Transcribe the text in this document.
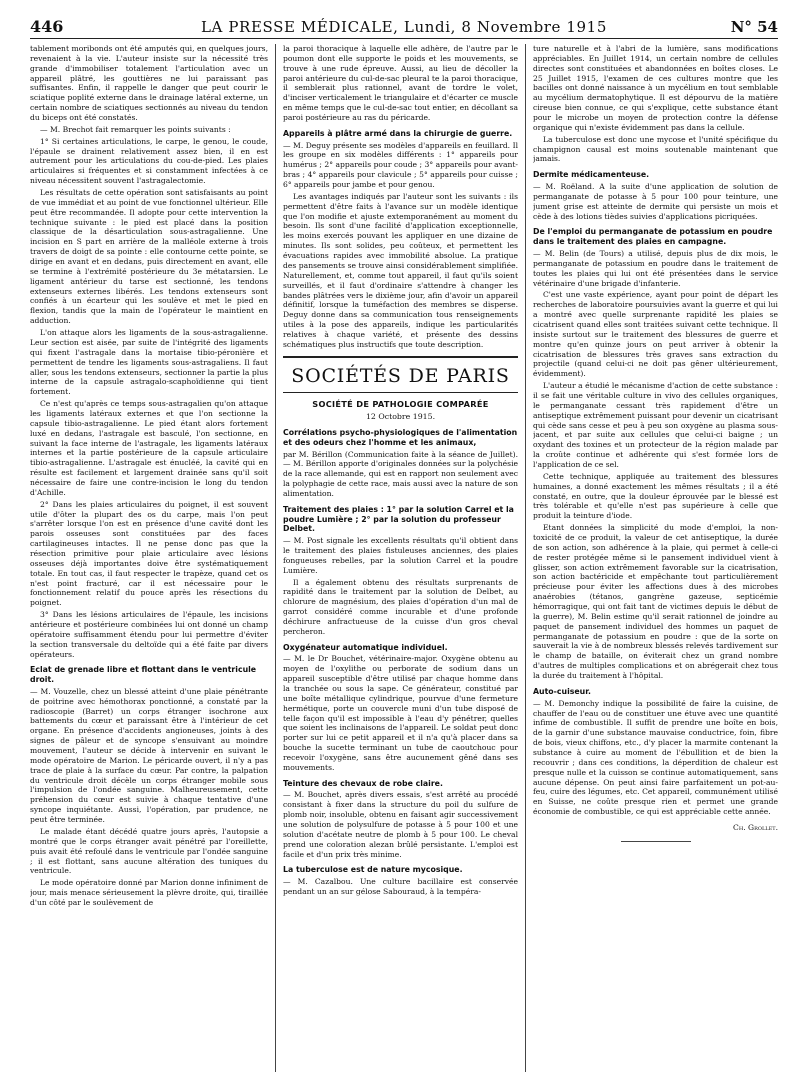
446	LA PRESSE MÉDICALE, Lundi, 8 Novembre 1915	N° 54

tablement moribonds ont été amputés qui, en quelques jours, revenaient à la vie. L'auteur insiste sur la nécessité très grande d'immobiliser totalement l'articulation avec un appareil plâtré, les gouttières ne lui paraissant pas suffisantes. Enfin, il rappelle le danger que peut courir le sciatique poplité externe dans le drainage latéral externe, un certain nombre de sciatiques sectionnés au niveau du tendon du biceps ont été constatés.

— M. Brechot fait remarquer les points suivants :

1° Si certaines articulations, le carpe, le genou, le coude, l'épaule se drainent relativement assez bien, il en est autrement pour les articulations du cou-de-pied. Les plaies articulaires si fréquentes et si constamment infectées à ce niveau nécessitent souvent l'astragalectomie.

Les résultats de cette opération sont satisfaisants au point de vue immédiat et au point de vue fonctionnel ultérieur. Elle peut être recommandée. Il adopte pour cette intervention la technique suivante : le pied est placé dans la position classique de la désarticulation sous-astragalienne. Une incision en S part en arrière de la malléole externe à trois travers de doigt de sa pointe : elle contourne cette pointe, se dirige en avant et en dedans, puis directement en avant, elle se termine à l'extrémité postérieure du 3e métatarsien. Le ligament antérieur du tarse est sectionné, les tendons extenseurs externes libérés. Les tendons extenseurs sont confiés à un écarteur qui les soulève et met le pied en flexion, tandis que la main de l'opérateur le maintient en adduction.

L'on attaque alors les ligaments de la sous-astragalienne. Leur section est aisée, par suite de l'intégrité des ligaments qui fixent l'astragale dans la mortaise tibio-péronière et permettent de tendre les ligaments sous-astragaliens. Il faut aller, sous les tendons extenseurs, sectionner la partie la plus interne de la capsule astragalo-scaphoïdienne qui tient fortement.

Ce n'est qu'après ce temps sous-astragalien qu'on attaque les ligaments latéraux externes et que l'on sectionne la capsule tibio-astragalienne. Le pied étant alors fortement luxé en dedans, l'astragale est basculé, l'on sectionne, en suivant la face interne de l'astragale, les ligaments latéraux internes et la partie postérieure de la capsule articulaire tibio-astragalienne. L'astragale est énucléé, la cavité qui en résulte est facilement et largement drainée sans qu'il soit nécessaire de faire une contre-incision le long du tendon d'Achille.

2° Dans les plaies articulaires du poignet, il est souvent utile d'ôter la plupart des os du carpe, mais l'on peut s'arrêter lorsque l'on est en présence d'une cavité dont les parois osseuses sont constituées par des faces cartilagineuses intactes. Il ne pense donc pas que la résection primitive pour plaie articulaire avec lésions osseuses déjà importantes doive être systématiquement totale. En tout cas, il faut respecter le trapèze, quand cet os n'est point fracturé, car il est nécessaire pour le fonctionnement relatif du pouce après les résections du poignet.

3° Dans les lésions articulaires de l'épaule, les incisions antérieure et postérieure combinées lui ont donné un champ opératoire suffisamment étendu pour lui permettre d'éviter la section transversale du deltoïde qui a été faite par divers opérateurs.

Eclat de grenade libre et flottant dans le ventricule droit.

— M. Vouzelle, chez un blessé atteint d'une plaie pénétrante de poitrine avec hémothorax ponctionné, a constaté par la radioscopie (Barret) un corps étranger isochrone aux battements du cœur et paraissant être à l'intérieur de cet organe. En présence d'accidents angioneuses, joints à des signes de pâleur et de syncope s'ensuivant au moindre mouvement, l'auteur se décide à intervenir en suivant le mode opératoire de Marion. Le péricarde ouvert, il n'y a pas trace de plaie à la surface du cœur. Par contre, la palpation du ventricule droit décèle un corps étranger mobile sous l'impulsion de l'ondée sanguine. Malheureusement, cette préhension du cœur est suivie à chaque tentative d'une syncope inquiétante. Aussi, l'opération, par prudence, ne peut être terminée.

Le malade étant décédé quatre jours après, l'autopsie a montré que le corps étranger avait pénétré par l'oreillette, puis avait été refoulé dans le ventricule par l'ondée sanguine ; il est flottant, sans aucune altération des tuniques du ventricule.

Le mode opératoire donné par Marion donne infiniment de jour, mais menace sérieusement la plèvre droite, qui, tiraillée d'un côté par le soulèvement de

la paroi thoracique à laquelle elle adhère, de l'autre par le poumon dont elle supporte le poids et les mouvements, se trouve à une rude épreuve. Aussi, au lieu de décoller la paroi antérieure du cul-de-sac pleural te la paroi thoracique, il semblerait plus rationnel, avant de tordre le volet, d'inciser verticalement le triangulaire et d'écarter ce muscle en même temps que le cul-de-sac tout entier, en décollant sa paroi postérieure au ras du péricarde.

Appareils à plâtre armé dans la chirurgie de guerre.

— M. Deguy présente ses modèles d'appareils en feuillard. Il les groupe en six modèles différents : 1° appareils pour humérus ; 2° appareils pour coude ; 3° appareils pour avant-bras ; 4° appareils pour clavicule ; 5° appareils pour cuisse ; 6° appareils pour jambe et pour genou.

Les avantages indiqués par l'auteur sont les suivants : ils permettent d'être faits à l'avance sur un modèle identique que l'on modifie et ajuste extemporanément au moment du besoin. Ils sont d'une facilité d'application exceptionnelle, les moins exercés pouvant les appliquer en une dizaine de minutes. Ils sont solides, peu coûteux, et permettent les évacuations rapides avec immobilité absolue. La pratique des pansements se trouve ainsi considérablement simplifiée. Naturellement, et, comme tout appareil, il faut qu'ils soient surveillés, et il faut d'ordinaire s'attendre à changer les bandes plâtrées vers le dixième jour, afin d'avoir un appareil définitif, lorsque la tuméfaction des membres se disperse. Deguy donne dans sa communication tous renseignements utiles à la pose des appareils, indique les particularités relatives à chaque variété, et présente des dessins schématiques plus instructifs que toute description.

SOCIÉTÉS DE PARIS
SOCIÉTÉ DE PATHOLOGIE COMPARÉE
12 Octobre 1915.
Corrélations psycho-physiologiques de l'alimentation et des odeurs chez l'homme et les animaux,

par M. Bérillon (Communication faite à la séance de Juillet). — M. Bérillon apporte d'originales données sur la polychésie de la race allemande, qui est en rapport non seulement avec la polyphagie de cette race, mais aussi avec la nature de son alimentation.

Traitement des plaies : 1° par la solution Carrel et la poudre Lumière ; 2° par la solution du professeur Delbet.

— M. Post signale les excellents résultats qu'il obtient dans le traitement des plaies fistuleuses anciennes, des plaies fongueuses rebelles, par la solution Carrel et la poudre Lumière.

Il a également obtenu des résultats surprenants de rapidité dans le traitement par la solution de Delbet, au chlorure de magnésium, des plaies d'opération d'un mal de garrot considéré comme incurable et d'une profonde déchirure anfractueuse de la cuisse d'un gros cheval percheron.

Oxygénateur automatique individuel.

— M. le Dr Bouchet, vétérinaire-major. Oxygène obtenu au moyen de l'oxylithe ou perborate de sodium dans un appareil susceptible d'être utilisé par chaque homme dans la tranchée ou sous la sape. Ce générateur, constitué par une boîte métallique cylindrique, pourvue d'une fermeture hermétique, porte un couvercle muni d'un tube disposé de telle façon qu'il est impossible à l'eau d'y pénétrer, quelles que soient les inclinaisons de l'appareil. Le soldat peut donc porter sur lui ce petit appareil et il n'a qu'à placer dans sa bouche la sucette terminant un tube de caoutchouc pour recevoir l'oxygène, sans être aucunement gêné dans ses mouvements.

Teinture des chevaux de robe claire.

— M. Bouchet, après divers essais, s'est arrêté au procédé consistant à fixer dans la structure du poil du sulfure de plomb noir, insoluble, obtenu en faisant agir successivement une solution de polysulfure de potasse à 5 pour 100 et une solution d'acétate neutre de plomb à 5 pour 100. Le cheval prend une coloration alezan brûlé persistante. L'emploi est facile et d'un prix très minime.

La tuberculose est de nature mycosique.

— M. Cazalbou. Une culture bacillaire est conservée pendant un an sur gélose Sabouraud, à la tempéra-

ture naturelle et à l'abri de la lumière, sans modifications appréciables. En Juillet 1914, un certain nombre de cellules directes sont constituées et abandonnées en boîtes closes. Le 25 Juillet 1915, l'examen de ces cultures montre que les bacilles ont donné naissance à un mycélium en tout semblable au mycélium dermatophytique. Il est dépourvu de la matière cireuse bien connue, ce qui s'explique, cette substance étant pour le microbe un moyen de protection contre la défense organique qui n'existe évidemment pas dans la cellule.

La tuberculose est donc une mycose et l'unité spécifique du champignon causal est moins soutenable maintenant que jamais.

Dermite médicamenteuse.

— M. Roëland. A la suite d'une application de solution de permanganate de potasse à 5 pour 100 pour teinture, une jument grise est atteinte de dermite qui persiste un mois et cède à des lotions tièdes suivies d'applications picriquées.

De l'emploi du permanganate de potassium en poudre dans le traitement des plaies en campagne.

— M. Belin (de Tours) a utilisé, depuis plus de dix mois, le permanganate de potassium en poudre dans le traitement de toutes les plaies qui lui ont été présentées dans le service vétérinaire d'une brigade d'infanterie.

C'est une vaste expérience, ayant pour point de départ les recherches de laboratoire poursuivies avant la guerre et qui lui a montré avec quelle surprenante rapidité les plaies se cicatrisent quand elles sont traitées suivant cette technique. Il insiste surtout sur le traitement des blessures de guerre et montre qu'en quinze jours on peut arriver à obtenir la cicatrisation de blessures très graves sans extraction du projectile (quand celui-ci ne doit pas gêner ultérieurement, évidemment).

L'auteur a étudié le mécanisme d'action de cette substance : il se fait une véritable culture in vivo des cellules organiques, le permanganate cessant très rapidement d'être un antiseptique extrêmement puissant pour devenir un cicatrisant qui cède sans cesse et peu à peu son oxygène au plasma sous-jacent, et par suite aux cellules que celui-ci baigne ; un oxydant des toxines et un protecteur de la région malade par la croûte continue et adhérente qui s'est formée lors de l'application de ce sel.

Cette technique, appliquée au traitement des blessures humaines, a donné exactement les mêmes résultats ; il a été constaté, en outre, que la douleur éprouvée par le blessé est très tolérable et qu'elle n'est pas supérieure à celle que produit la teinture d'iode.

Etant données la simplicité du mode d'emploi, la non-toxicité de ce produit, la valeur de cet antiseptique, la durée de son action, son adhérence à la plaie, qui permet à celle-ci de rester protégée même si le pansement individuel vient à glisser, son action extrêmement favorable sur la cicatrisation, son action bactéricide et empêchante tout particulièrement précieuse pour éviter les affections dues à des microbes anaérobies (tétanos, gangrène gazeuse, septicémie hémorragique, qui ont fait tant de victimes depuis le début de la guerre), M. Belin estime qu'il serait rationnel de joindre au paquet de pansement individuel des hommes un paquet de permanganate de potassium en poudre : que de la sorte on sauverait la vie à de nombreux blessés relevés tardivement sur le champ de bataille, on éviterait chez un grand nombre d'autres de multiples complications et on abrégerait chez tous la durée du traitement à l'hôpital.

Auto-cuiseur.

— M. Demonchy indique la possibilité de faire la cuisine, de chauffer de l'eau ou de constituer une étuve avec une quantité infime de combustible. Il suffit de prendre une boîte en bois, de la garnir d'une substance mauvaise conductrice, foin, fibre de bois, vieux chiffons, etc., d'y placer la marmite contenant la substance à cuire au moment de l'ébullition et de bien la recouvrir ; dans ces conditions, la déperdition de chaleur est presque nulle et la cuisson se continue automatiquement, sans aucune dépense. On peut ainsi faire parfaitement un pot-au-feu, cuire des légumes, etc. Cet appareil, communément utilisé en Suisse, ne coûte presque rien et permet une grande économie de combustible, ce qui est appréciable cette année.

Ch. Grollet.
